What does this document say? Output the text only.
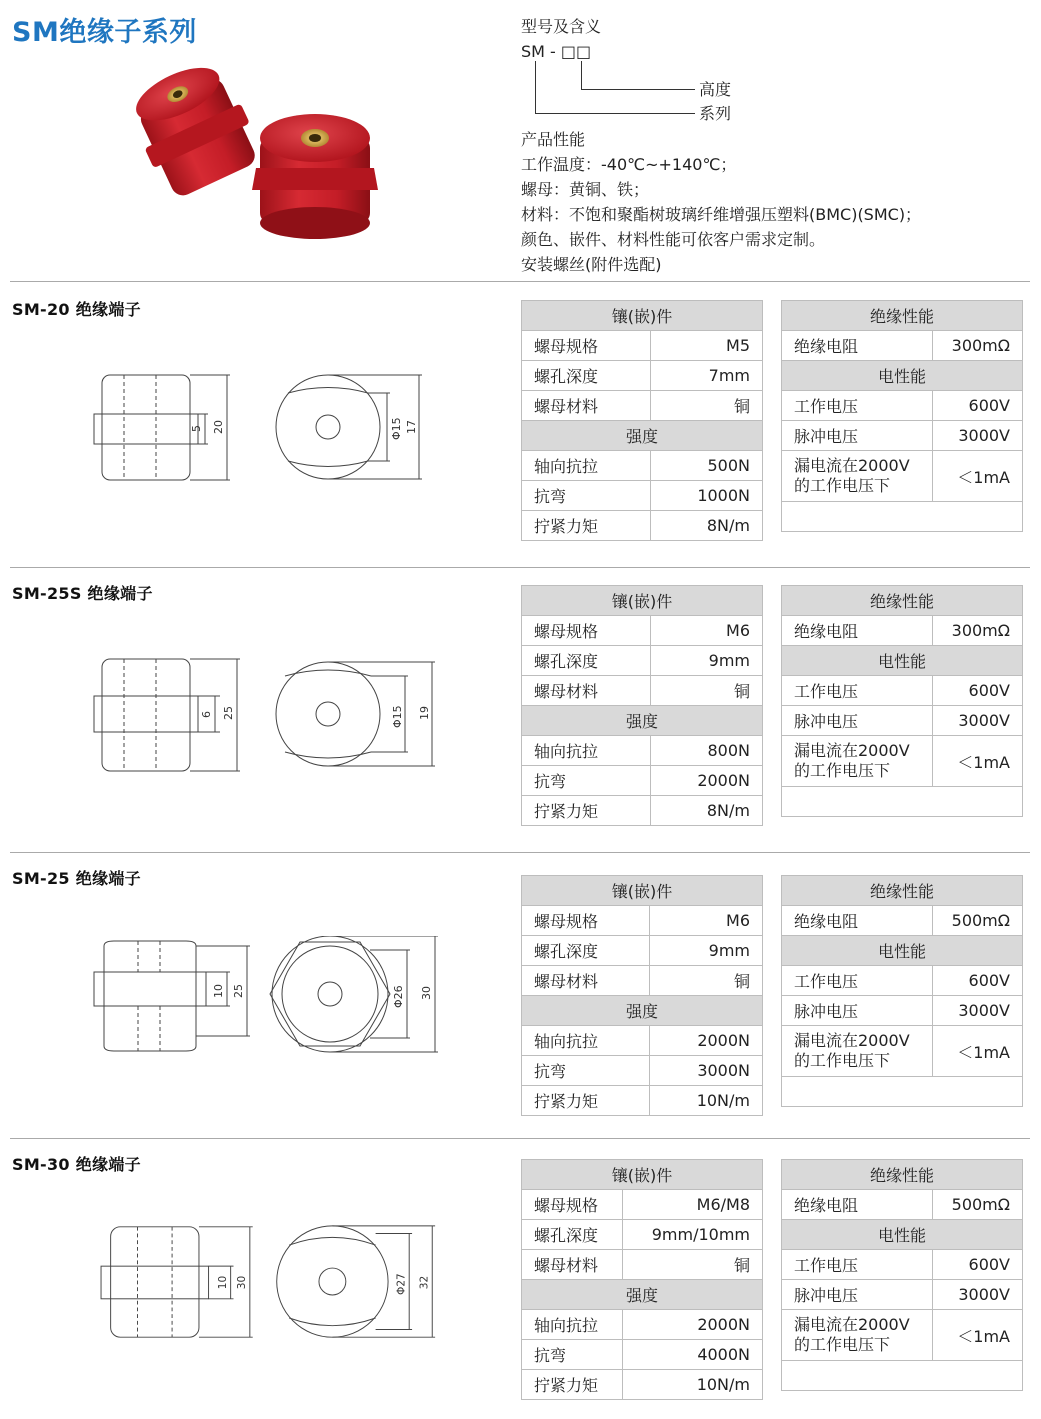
SM绝缘子系列	型号及含义
SM - □□
高度
系列
产品性能
工作温度：-40℃~+140℃；
螺母：黄铜、铁；
材料：不饱和聚酯树玻璃纤维增强压塑料(BMC)(SMC)；
颜色、嵌件、材料性能可依客户需求定制。
安装螺丝(附件选配)
SM-20 绝缘端子
5 20	Φ15 17
镶(嵌)件	
螺母规格	M5
螺孔深度	7mm
螺母材料	铜
强度	
轴向抗拉	500N
抗弯	1000N
拧紧力矩	8N/m
绝缘性能	
绝缘电阻	300mΩ
电性能	
工作电压	600V
脉冲电压	3000V
漏电流在2000V
的工作电压下	＜1mA

SM-25S 绝缘端子
6 25	Φ15 19
镶(嵌)件	
螺母规格	M6
螺孔深度	9mm
螺母材料	铜
强度	
轴向抗拉	800N
抗弯	2000N
拧紧力矩	8N/m
绝缘性能	
绝缘电阻	300mΩ
电性能	
工作电压	600V
脉冲电压	3000V
漏电流在2000V
的工作电压下	＜1mA

SM-25 绝缘端子
10 25	Φ26 30
镶(嵌)件	
螺母规格	M6
螺孔深度	9mm
螺母材料	铜
强度	
轴向抗拉	2000N
抗弯	3000N
拧紧力矩	10N/m
绝缘性能	
绝缘电阻	500mΩ
电性能	
工作电压	600V
脉冲电压	3000V
漏电流在2000V
的工作电压下	＜1mA

SM-30 绝缘端子
10 30	Φ27 32
镶(嵌)件	
螺母规格	M6/M8
螺孔深度	9mm/10mm
螺母材料	铜
强度	
轴向抗拉	2000N
抗弯	4000N
拧紧力矩	10N/m
绝缘性能	
绝缘电阻	500mΩ
电性能	
工作电压	600V
脉冲电压	3000V
漏电流在2000V
的工作电压下	＜1mA
